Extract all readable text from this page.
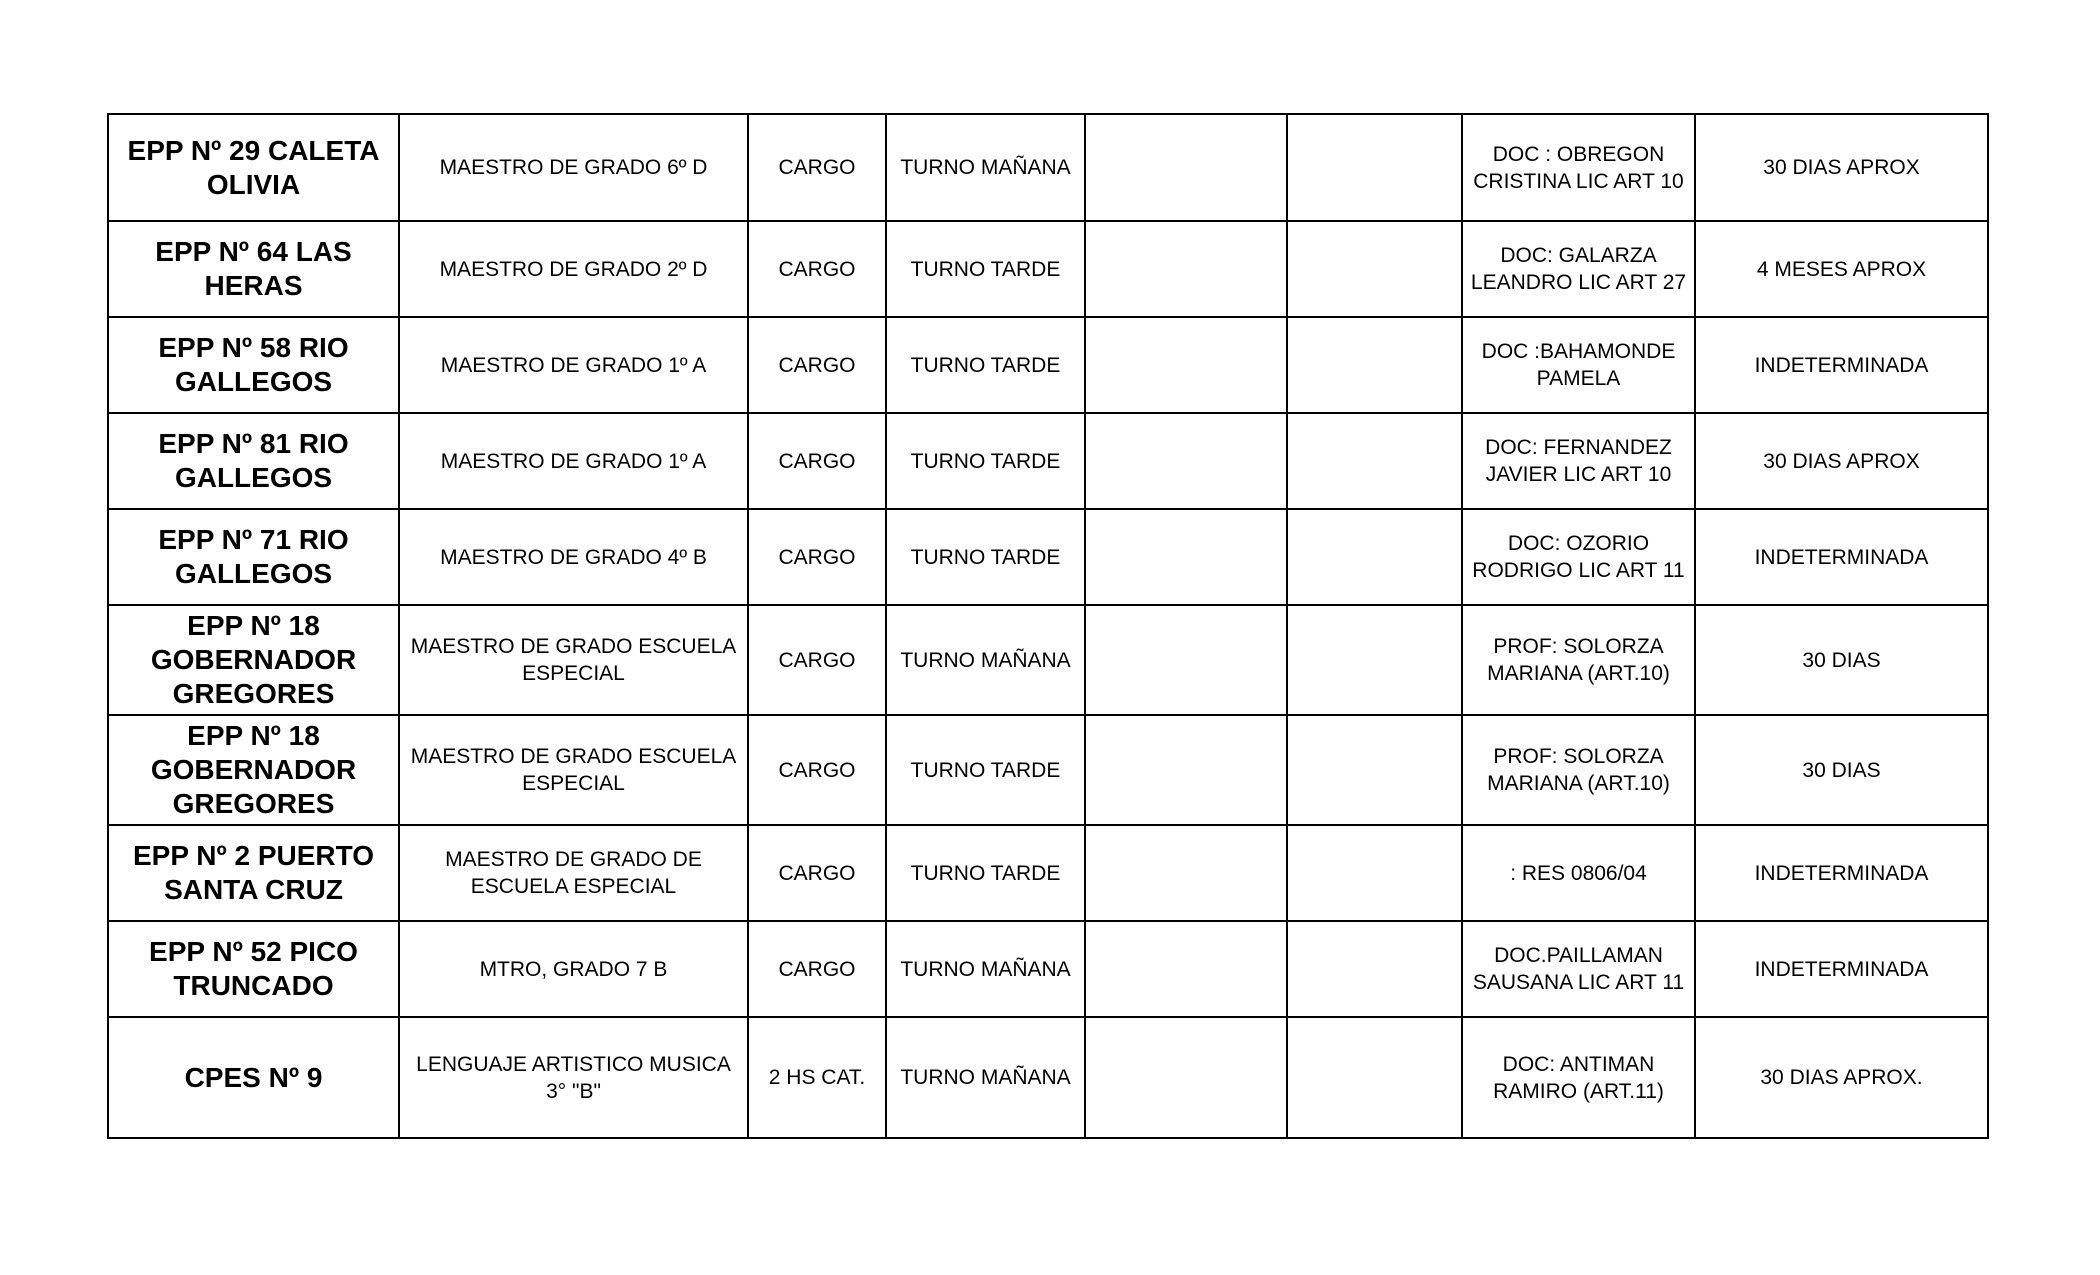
EPP Nº 29 CALETA OLIVIA	MAESTRO DE GRADO 6º D	CARGO	TURNO MAÑANA			DOC : OBREGON CRISTINA LIC ART 10	30 DIAS APROX
EPP Nº 64 LAS HERAS	MAESTRO DE GRADO 2º D	CARGO	TURNO TARDE			DOC: GALARZA LEANDRO LIC ART 27	4 MESES APROX
EPP Nº 58 RIO GALLEGOS	MAESTRO DE GRADO 1º A	CARGO	TURNO TARDE			DOC :BAHAMONDE PAMELA	INDETERMINADA
EPP Nº 81 RIO GALLEGOS	MAESTRO DE GRADO 1º A	CARGO	TURNO TARDE			DOC: FERNANDEZ JAVIER LIC ART 10	30 DIAS APROX
EPP Nº 71 RIO GALLEGOS	MAESTRO DE GRADO 4º B	CARGO	TURNO TARDE			DOC: OZORIO RODRIGO LIC ART 11	INDETERMINADA
EPP Nº 18 GOBERNADOR GREGORES	MAESTRO DE GRADO ESCUELA ESPECIAL	CARGO	TURNO MAÑANA			PROF: SOLORZA MARIANA (ART.10)	30 DIAS
EPP Nº 18 GOBERNADOR GREGORES	MAESTRO DE GRADO ESCUELA ESPECIAL	CARGO	TURNO TARDE			PROF: SOLORZA MARIANA (ART.10)	30 DIAS
EPP Nº 2 PUERTO SANTA CRUZ	MAESTRO DE GRADO DE ESCUELA ESPECIAL	CARGO	TURNO TARDE			: RES 0806/04	INDETERMINADA
EPP Nº 52 PICO TRUNCADO	MTRO, GRADO 7 B	CARGO	TURNO MAÑANA			DOC.PAILLAMAN SAUSANA LIC ART 11	INDETERMINADA
CPES Nº 9	LENGUAJE ARTISTICO MUSICA 3° "B"	2 HS CAT.	TURNO MAÑANA			DOC: ANTIMAN RAMIRO (ART.11)	30 DIAS APROX.
